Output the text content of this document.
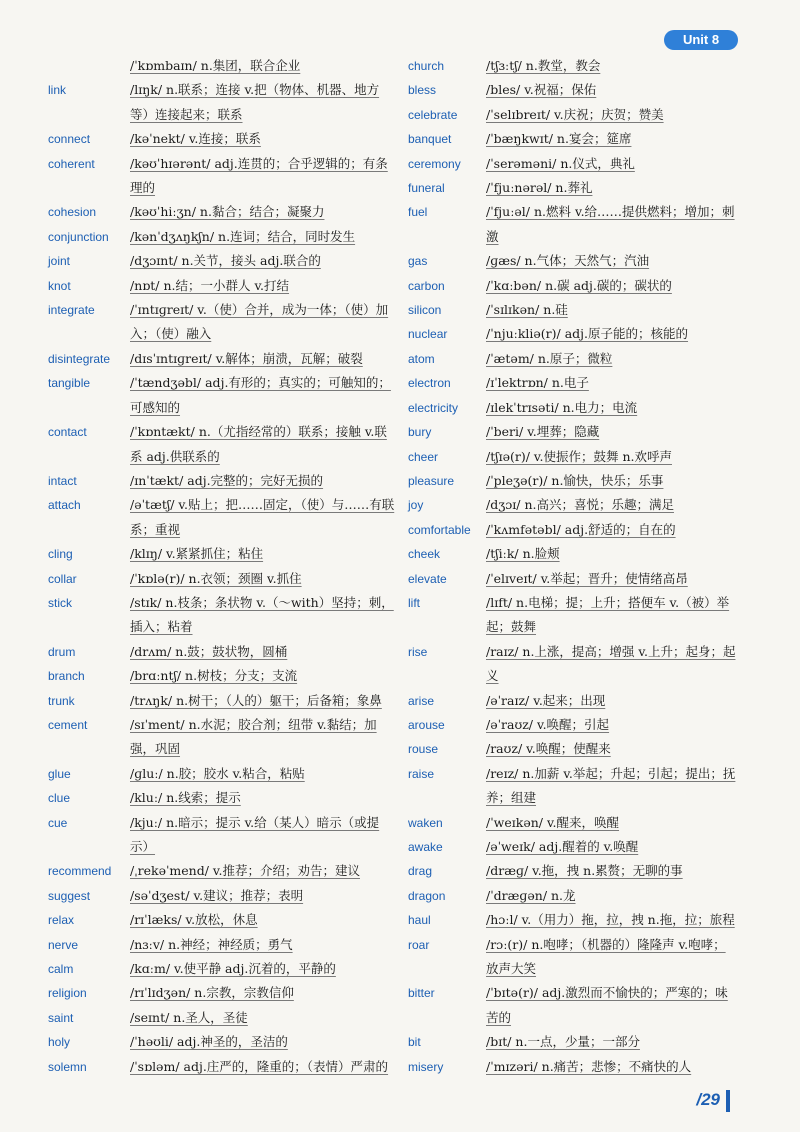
Unit 8
/ˈkɒmbaɪn/ n.集团，联合企业
link	/lɪŋk/ n.联系；连接 v.把（物体、机器、地方等）连接起来；联系
connect	/kəˈnekt/ v.连接；联系
coherent	/kəʊˈhɪərənt/ adj.连贯的；合乎逻辑的；有条理的
cohesion	/kəʊˈhiːʒn/ n.黏合；结合；凝聚力
conjunction	/kənˈdʒʌŋkʃn/ n.连词；结合，同时发生
joint	/dʒɔɪnt/ n.关节，接头 adj.联合的
knot	/nɒt/ n.结；一小群人 v.打结
integrate	/ˈɪntɪɡreɪt/ v.（使）合并，成为一体；（使）加入；（使）融入
disintegrate	/dɪsˈɪntɪɡreɪt/ v.解体；崩溃，瓦解；破裂
tangible	/ˈtændʒəbl/ adj.有形的；真实的；可触知的；可感知的
contact	/ˈkɒntækt/ n.（尤指经常的）联系；接触 v.联系 adj.供联系的
intact	/ɪnˈtækt/ adj.完整的；完好无损的
attach	/əˈtætʃ/ v.贴上；把……固定，（使）与……有联系；重视
cling	/klɪŋ/ v.紧紧抓住；粘住
collar	/ˈkɒlə(r)/ n.衣领；颈圈 v.抓住
stick	/stɪk/ n.枝条；条状物 v.（～with）坚持；刺，插入；粘着
drum	/drʌm/ n.鼓；鼓状物，圆桶
branch	/brɑːntʃ/ n.树枝；分支；支流
trunk	/trʌŋk/ n.树干；（人的）躯干；后备箱；象鼻
cement	/sɪˈment/ n.水泥；胶合剂；纽带 v.黏结；加强，巩固
glue	/ɡluː/ n.胶；胶水 v.粘合，粘贴
clue	/kluː/ n.线索；提示
cue	/kjuː/ n.暗示；提示 v.给（某人）暗示（或提示）
recommend	/ˌrekəˈmend/ v.推荐；介绍；劝告；建议
suggest	/səˈdʒest/ v.建议；推荐；表明
relax	/rɪˈlæks/ v.放松，休息
nerve	/nɜːv/ n.神经；神经质；勇气
calm	/kɑːm/ v.使平静 adj.沉着的，平静的
religion	/rɪˈlɪdʒən/ n.宗教，宗教信仰
saint	/seɪnt/ n.圣人，圣徒
holy	/ˈhəʊli/ adj.神圣的，圣洁的
solemn	/ˈsɒləm/ adj.庄严的，隆重的；（表情）严肃的
church	/tʃɜːtʃ/ n.教堂，教会
bless	/bles/ v.祝福；保佑
celebrate	/ˈselɪbreɪt/ v.庆祝；庆贺；赞美
banquet	/ˈbæŋkwɪt/ n.宴会；筵席
ceremony	/ˈserəməni/ n.仪式，典礼
funeral	/ˈfjuːnərəl/ n.葬礼
fuel	/ˈfjuːəl/ n.燃料 v.给……提供燃料；增加；刺激
gas	/ɡæs/ n.气体；天然气；汽油
carbon	/ˈkɑːbən/ n.碳 adj.碳的；碳状的
silicon	/ˈsɪlɪkən/ n.硅
nuclear	/ˈnjuːkliə(r)/ adj.原子能的；核能的
atom	/ˈætəm/ n.原子；微粒
electron	/ɪˈlektrɒn/ n.电子
electricity	/ɪlekˈtrɪsəti/ n.电力；电流
bury	/ˈberi/ v.埋葬；隐藏
cheer	/tʃɪə(r)/ v.使振作；鼓舞 n.欢呼声
pleasure	/ˈpleʒə(r)/ n.愉快，快乐；乐事
joy	/dʒɔɪ/ n.高兴；喜悦；乐趣；满足
comfortable	/ˈkʌmfətəbl/ adj.舒适的；自在的
cheek	/tʃiːk/ n.脸颊
elevate	/ˈelɪveɪt/ v.举起；晋升；使情绪高昂
lift	/lɪft/ n.电梯；提；上升；搭便车 v.（被）举起；鼓舞
rise	/raɪz/ n.上涨，提高；增强 v.上升；起身；起义
arise	/əˈraɪz/ v.起来；出现
arouse	/əˈraʊz/ v.唤醒；引起
rouse	/raʊz/ v.唤醒；使醒来
raise	/reɪz/ n.加薪 v.举起；升起；引起；提出；抚养；组建
waken	/ˈweɪkən/ v.醒来，唤醒
awake	/əˈweɪk/ adj.醒着的 v.唤醒
drag	/dræɡ/ v.拖，拽 n.累赘；无聊的事
dragon	/ˈdræɡən/ n.龙
haul	/hɔːl/ v.（用力）拖，拉，拽 n.拖，拉；旅程
roar	/rɔː(r)/ n.咆哮；（机器的）隆隆声 v.咆哮；放声大笑
bitter	/ˈbɪtə(r)/ adj.激烈而不愉快的；严寒的；味苦的
bit	/bɪt/ n.一点，少量；一部分
misery	/ˈmɪzəri/ n.痛苦；悲惨；不痛快的人
/29
